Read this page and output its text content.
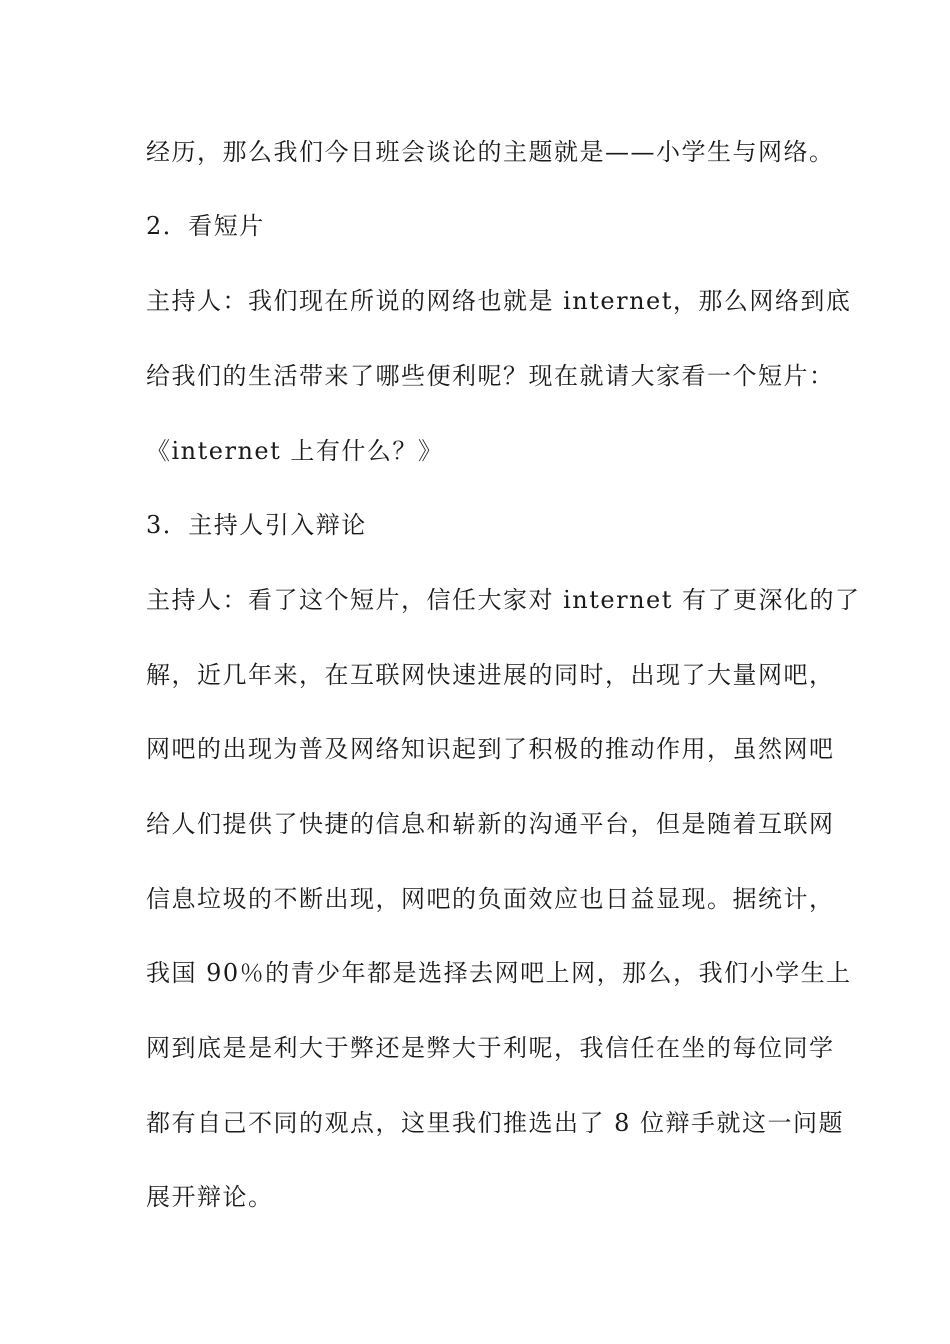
经历，那么我们今日班会谈论的主题就是——小学生与网络。

2．看短片

主持人：我们现在所说的网络也就是 internet，那么网络到底

给我们的生活带来了哪些便利呢？现在就请大家看一个短片：

《internet 上有什么？》

3．主持人引入辩论

主持人：看了这个短片，信任大家对 internet 有了更深化的了

解，近几年来，在互联网快速进展的同时，出现了大量网吧，

网吧的出现为普及网络知识起到了积极的推动作用，虽然网吧

给人们提供了快捷的信息和崭新的沟通平台，但是随着互联网

信息垃圾的不断出现，网吧的负面效应也日益显现。据统计，

我国 90％的青少年都是选择去网吧上网，那么，我们小学生上

网到底是是利大于弊还是弊大于利呢，我信任在坐的每位同学

都有自己不同的观点，这里我们推选出了 8 位辩手就这一问题

展开辩论。
